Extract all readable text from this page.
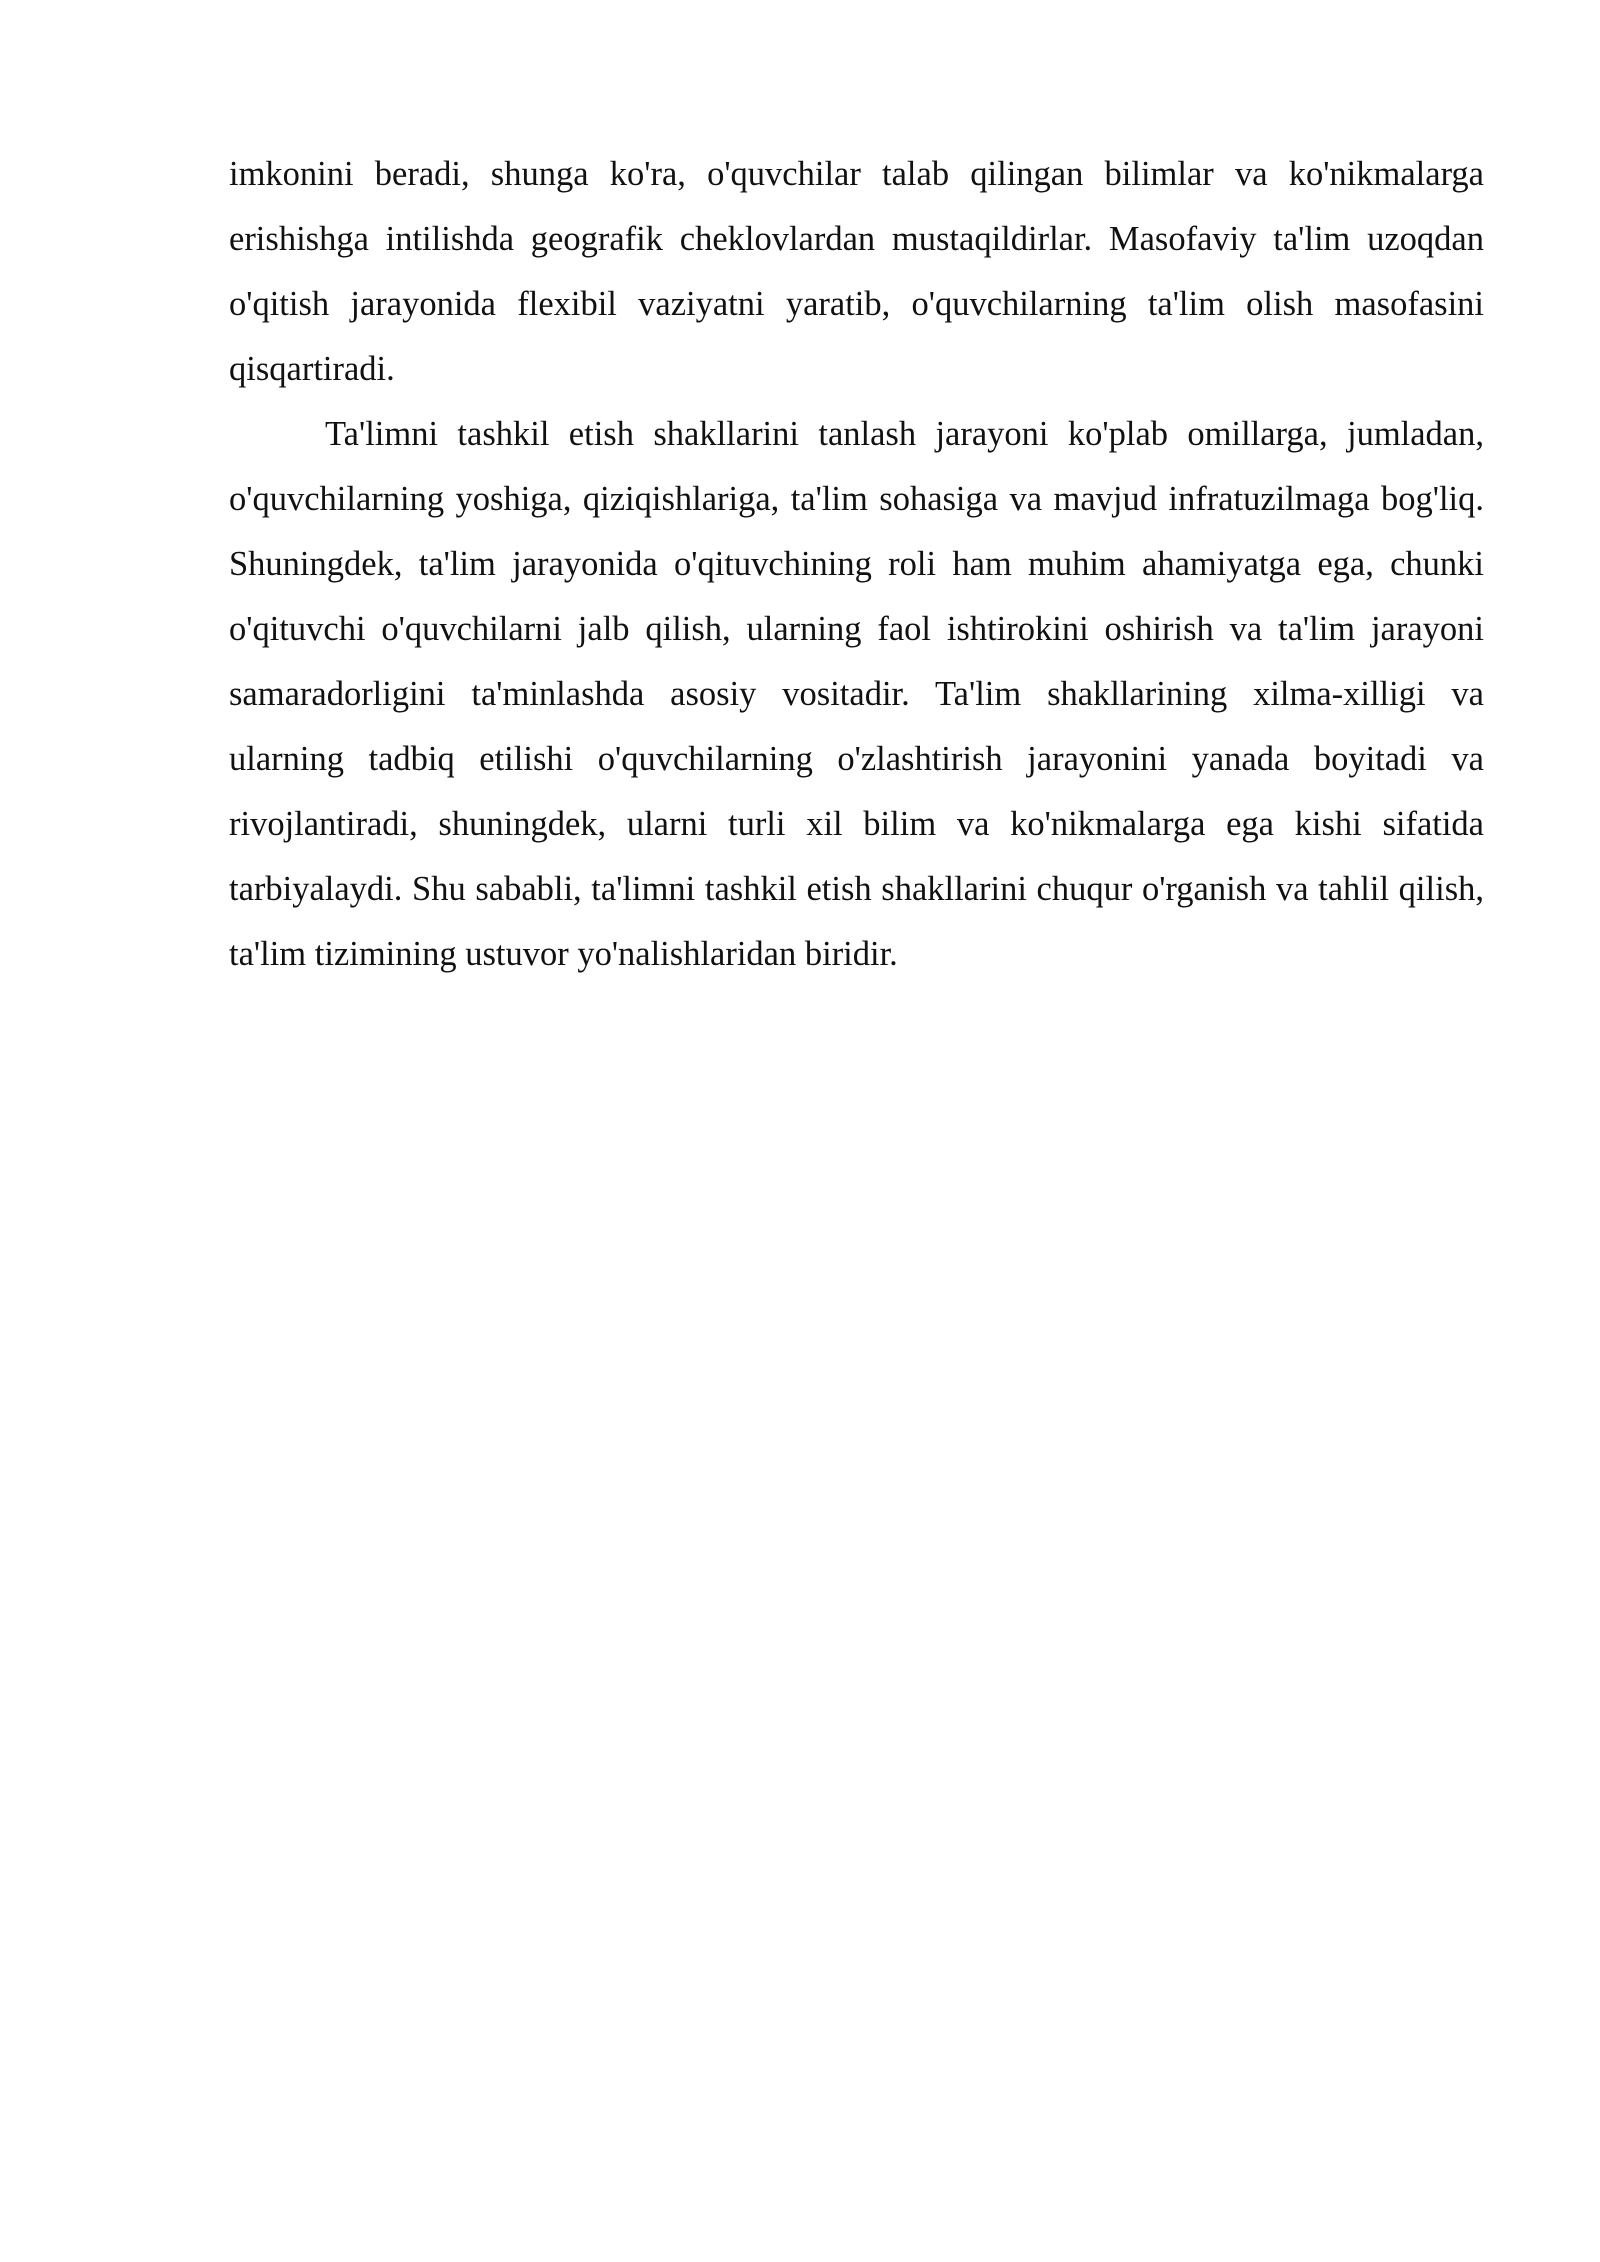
imkonini beradi, shunga ko'ra, o'quvchilar talab qilingan bilimlar va ko'nikmalarga erishishga intilishda geografik cheklovlardan mustaqildirlar. Masofaviy ta'lim uzoqdan o'qitish jarayonida flexibil vaziyatni yaratib, o'quvchilarning ta'lim olish masofasini qisqartiradi.

Ta'limni tashkil etish shakllarini tanlash jarayoni ko'plab omillarga, jumladan, o'quvchilarning yoshiga, qiziqishlariga, ta'lim sohasiga va mavjud infratuzilmaga bog'liq. Shuningdek, ta'lim jarayonida o'qituvchining roli ham muhim ahamiyatga ega, chunki o'qituvchi o'quvchilarni jalb qilish, ularning faol ishtirokini oshirish va ta'lim jarayoni samaradorligini ta'minlashda asosiy vositadir. Ta'lim shakllarining xilma-xilligi va ularning tadbiq etilishi o'quvchilarning o'zlashtirish jarayonini yanada boyitadi va rivojlantiradi, shuningdek, ularni turli xil bilim va ko'nikmalarga ega kishi sifatida tarbiyalaydi. Shu sababli, ta'limni tashkil etish shakllarini chuqur o'rganish va tahlil qilish, ta'lim tizimining ustuvor yo'nalishlaridan biridir.
